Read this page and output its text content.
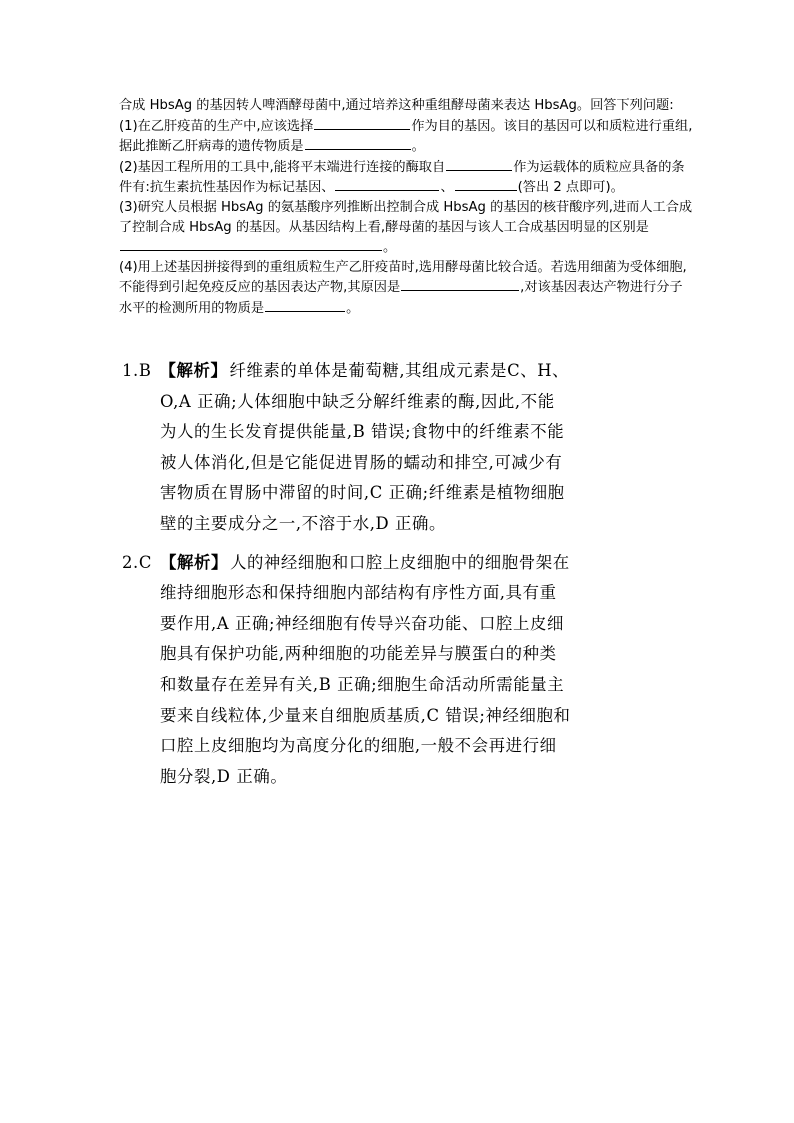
合成 HbsAg 的基因转人啤酒酵母菌中,通过培养这种重组酵母菌来表达 HbsAg。回答下列问题:

(1)在乙肝疫苗的生产中,应该选择	作为目的基因。该目的基因可以和质粒进行重组,据此推断乙肝病毒的遗传物质是	。

(2)基因工程所用的工具中,能将平末端进行连接的酶取自	作为运载体的质粒应具备的条件有:抗生素抗性基因作为标记基因、	、	(答出 2 点即可)。

(3)研究人员根据 HbsAg 的氨基酸序列推断出控制合成 HbsAg 的基因的核苷酸序列,进而人工合成了控制合成 HbsAg 的基因。从基因结构上看,酵母菌的基因与该人工合成基因明显的区别是。

(4)用上述基因拼接得到的重组质粒生产乙肝疫苗时,选用酵母菌比较合适。若选用细菌为受体细胞,不能得到引起免疫反应的基因表达产物,其原因是	,对该基因表达产物进行分子水平的检测所用的物质是	。

1.B 【解析】 纤维素的单体是葡萄糖,其组成元素是C、H、O,A 正确;人体细胞中缺乏分解纤维素的酶,因此,不能为人的生长发育提供能量,B 错误;食物中的纤维素不能被人体消化,但是它能促进胃肠的蠕动和排空,可减少有害物质在胃肠中滞留的时间,C 正确;纤维素是植物细胞壁的主要成分之一,不溶于水,D 正确。

2.C 【解析】 人的神经细胞和口腔上皮细胞中的细胞骨架在维持细胞形态和保持细胞内部结构有序性方面,具有重要作用,A 正确;神经细胞有传导兴奋功能、口腔上皮细胞具有保护功能,两种细胞的功能差异与膜蛋白的种类和数量存在差异有关,B 正确;细胞生命活动所需能量主要来自线粒体,少量来自细胞质基质,C 错误;神经细胞和口腔上皮细胞均为高度分化的细胞,一般不会再进行细胞分裂,D 正确。
